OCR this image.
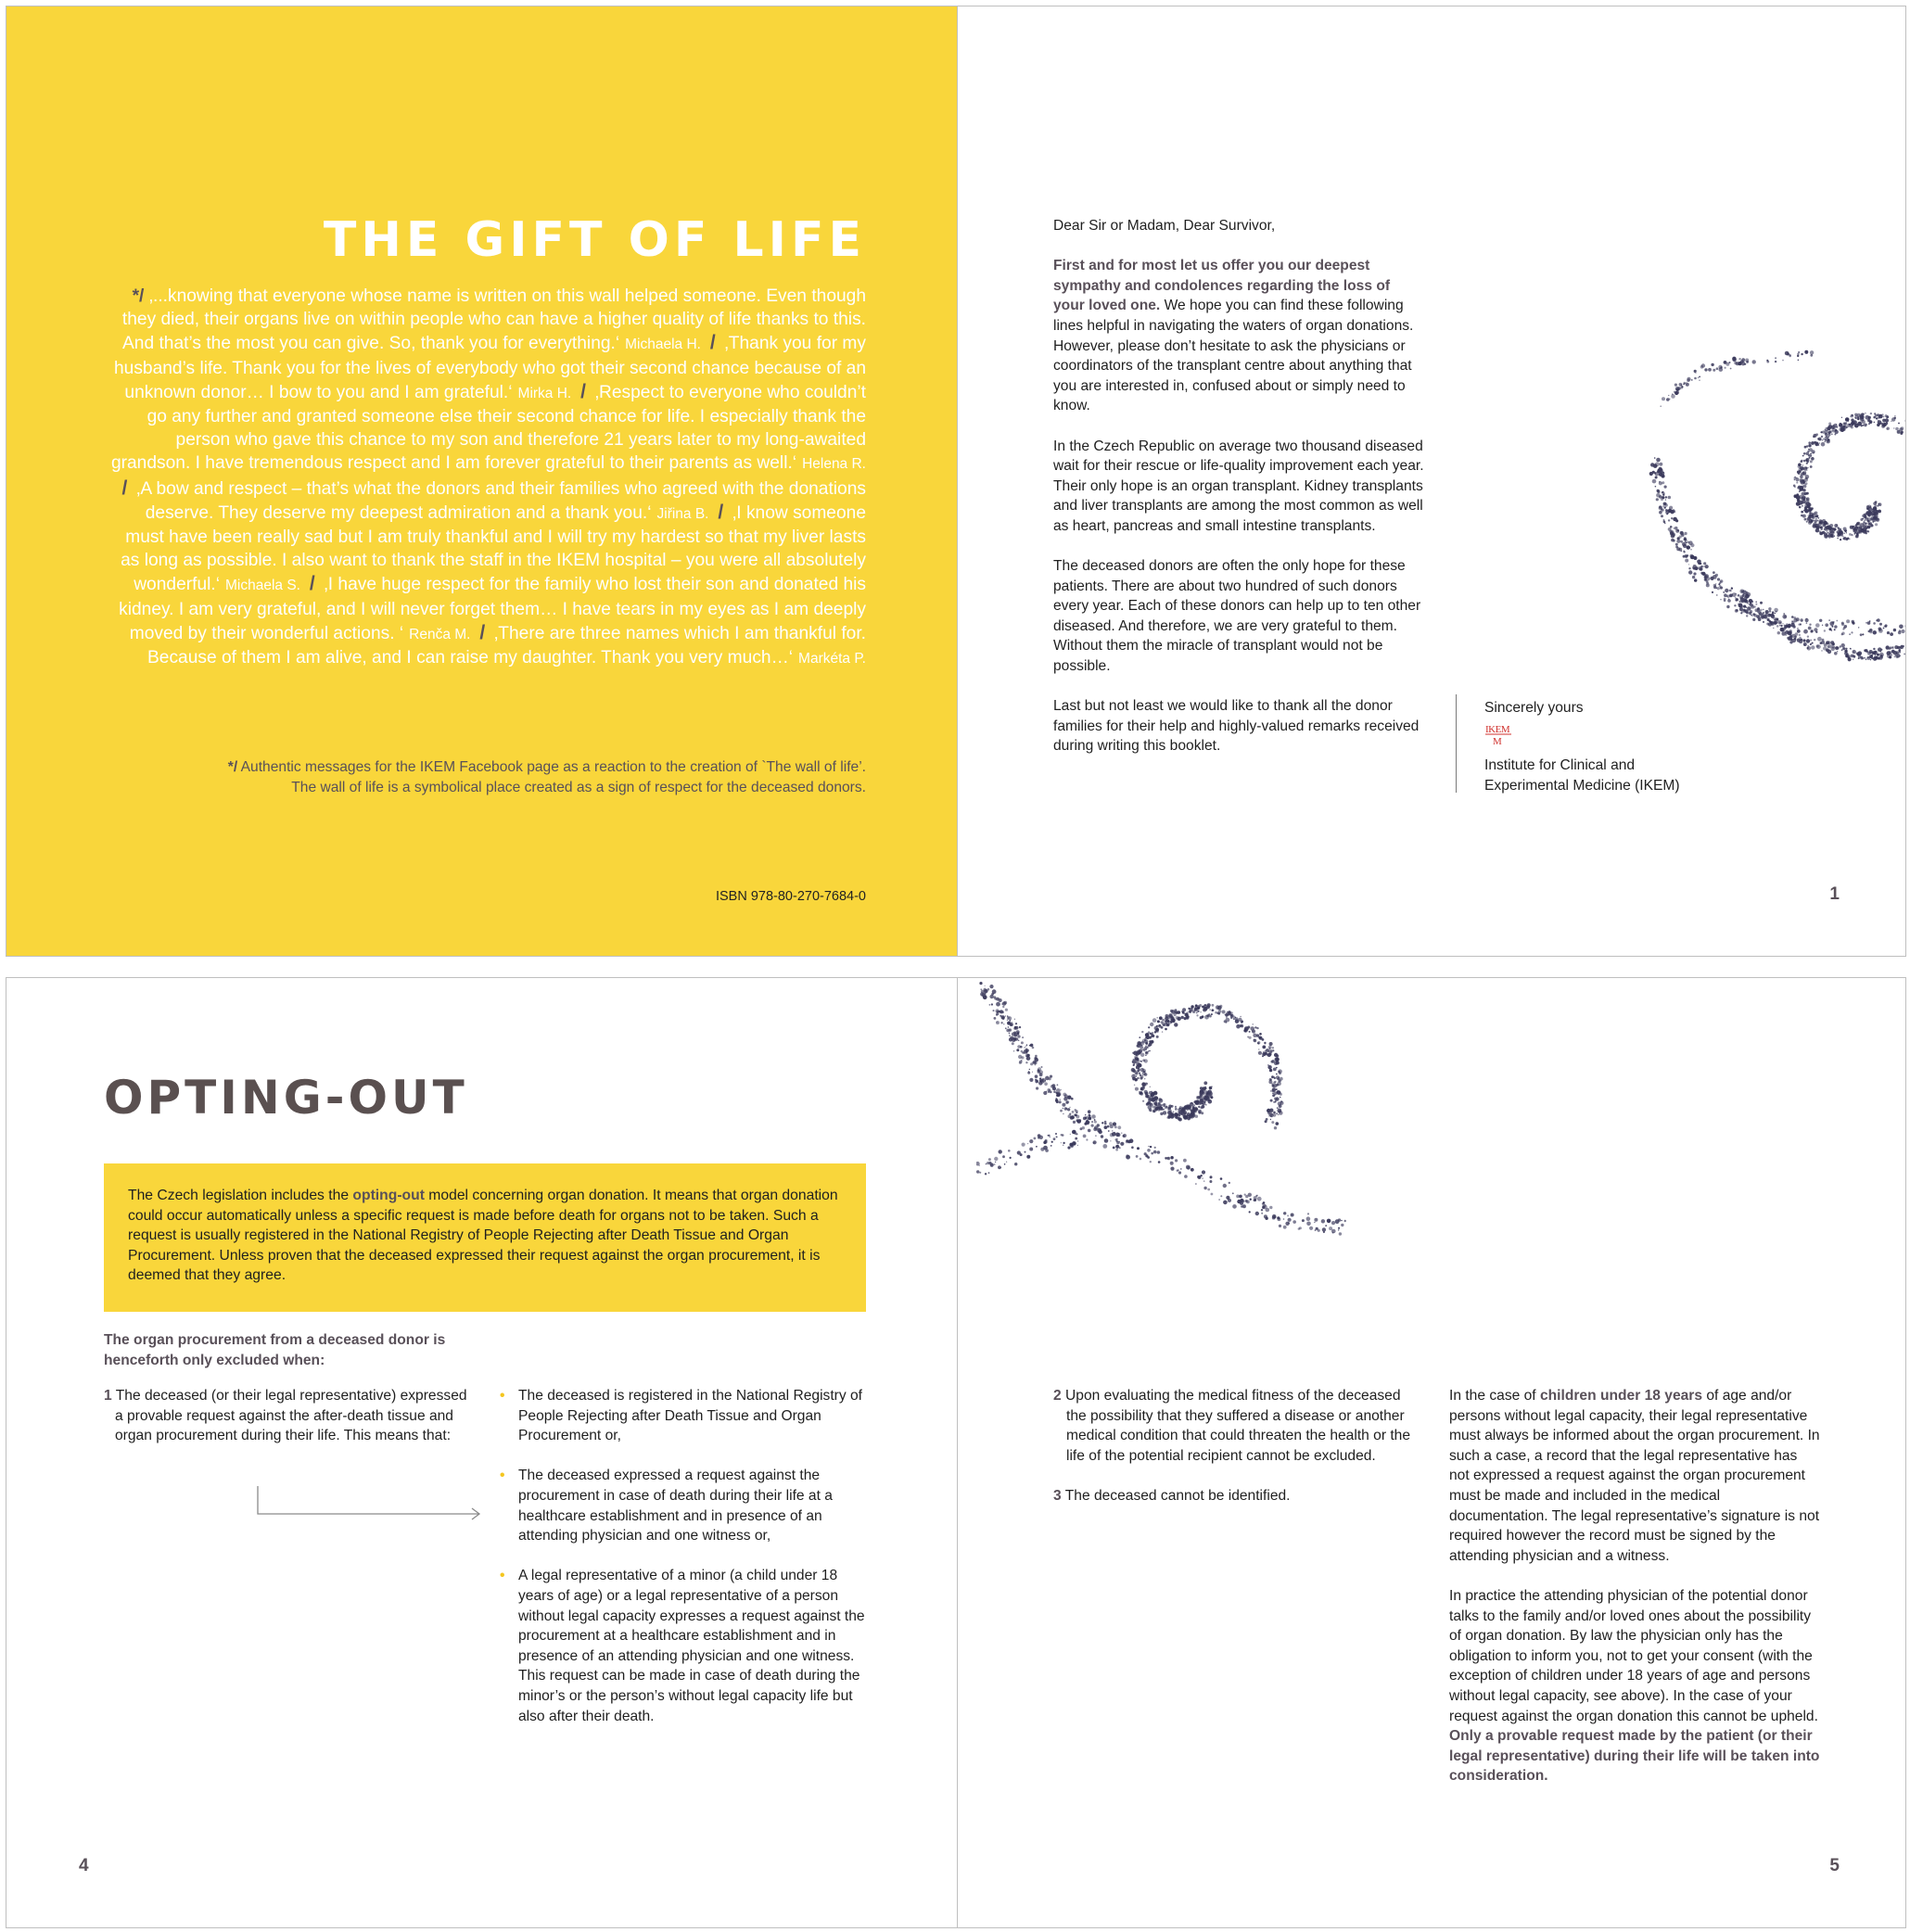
THE GIFT OF LIFE

*/ ‚...knowing that everyone whose name is written on this wall helped someone. Even though they died, their organs live on within people who can have a higher quality of life thanks to this. And that’s the most you can give. So, thank you for everything.‘ Michaela H. / ‚Thank you for my husband’s life. Thank you for the lives of everybody who got their second chance because of an unknown donor… I bow to you and I am grateful.‘ Mirka H. / ‚Respect to everyone who couldn’t go any further and granted someone else their second chance for life. I especially thank the person who gave this chance to my son and therefore 21 years later to my long-awaited grandson. I have tremendous respect and I am forever grateful to their parents as well.‘ Helena R. / ‚A bow and respect – that’s what the donors and their families who agreed with the donations deserve. They deserve my deepest admiration and a thank you.‘ Jiřina B. / ‚I know someone must have been really sad but I am truly thankful and I will try my hardest so that my liver lasts as long as possible. I also want to thank the staff in the IKEM hospital – you were all absolutely wonderful.‘ Michaela S. / ‚I have huge respect for the family who lost their son and donated his kidney. I am very grateful, and I will never forget them… I have tears in my eyes as I am deeply moved by their wonderful actions. ‘ Renča M. / ‚There are three names which I am thankful for. Because of them I am alive, and I can raise my daughter. Thank you very much…‘ Markéta P.

*/ Authentic messages for the IKEM Facebook page as a reaction to the creation of `The wall of life’.
The wall of life is a symbolical place created as a sign of respect for the deceased donors.

ISBN 978-80-270-7684-0

Dear Sir or Madam, Dear Survivor,

First and for most let us offer you our deepest sympathy and condolences regarding the loss of your loved one. We hope you can find these following lines helpful in navigating the waters of organ donations. However, please don’t hesitate to ask the physicians or coordinators of the transplant centre about anything that you are interested in, confused about or simply need to know.

In the Czech Republic on average two thousand diseased wait for their rescue or life-quality improvement each year. Their only hope is an organ transplant. Kidney transplants and liver transplants are among the most common as well as heart, pancreas and small intestine transplants.

The deceased donors are often the only hope for these patients. There are about two hundred of such donors every year. Each of these donors can help up to ten other diseased. And therefore, we are very grateful to them. Without them the miracle of transplant would not be possible.

Last but not least we would like to thank all the donor families for their help and highly-valued remarks received during writing this booklet.

Sincerely yours
IKEM
M
Institute for Clinical and
Experimental Medicine (IKEM)
1
OPTING-OUT
The Czech legislation includes the opting-out model concerning organ donation. It means that organ donation could occur automatically unless a specific request is made before death for organs not to be taken. Such a request is usually registered in the National Registry of People Rejecting after Death Tissue and Organ Procurement. Unless proven that the deceased expressed their request against the organ procurement, it is deemed that they agree.

The organ procurement from a deceased donor is henceforth only excluded when:

1 The deceased (or their legal representative) expressed a provable request against the after-death tissue and organ procurement during their life. This means that:
• The deceased is registered in the National Registry of People Rejecting after Death Tissue and Organ Procurement or,
• The deceased expressed a request against the procurement in case of death during their life at a healthcare establishment and in presence of an attending physician and one witness or,
• A legal representative of a minor (a child under 18 years of age) or a legal representative of a person without legal capacity expresses a request against the procurement at a healthcare establishment and in presence of an attending physician and one witness. This request can be made in case of death during the minor’s or the person’s without legal capacity life but also after their death.
4

2 Upon evaluating the medical fitness of the deceased the possibility that they suffered a disease or another medical condition that could threaten the health or the life of the potential recipient cannot be excluded.

3 The deceased cannot be identified.

In the case of children under 18 years of age and/or persons without legal capacity, their legal representative must always be informed about the organ procurement. In such a case, a record that the legal representative has not expressed a request against the organ procurement must be made and included in the medical documentation. The legal representative’s signature is not required however the record must be signed by the attending physician and a witness.

In practice the attending physician of the potential donor talks to the family and/or loved ones about the possibility of organ donation. By law the physician only has the obligation to inform you, not to get your consent (with the exception of children under 18 years of age and persons without legal capacity, see above). In the case of your request against the organ donation this cannot be upheld. Only a provable request made by the patient (or their legal representative) during their life will be taken into consideration.

5
